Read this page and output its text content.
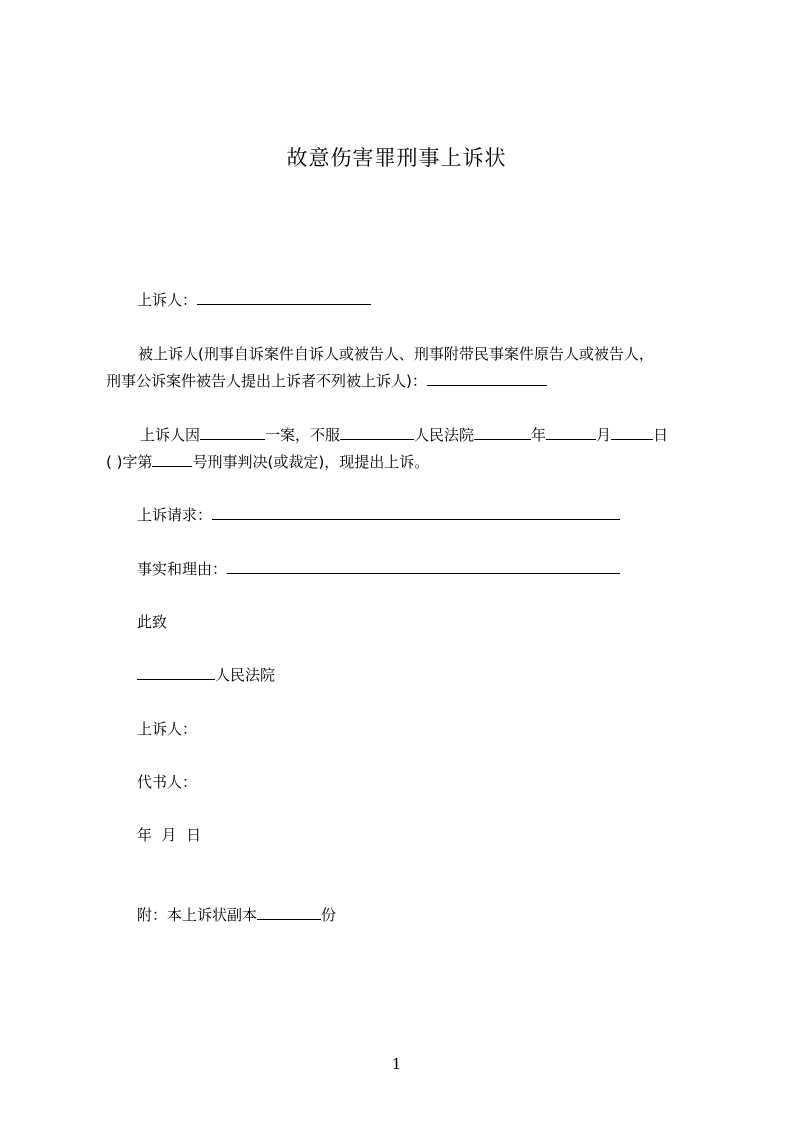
故意伤害罪刑事上诉状
上诉人：
被上诉人(刑事自诉案件自诉人或被告人、刑事附带民事案件原告人或被告人，
刑事公诉案件被告人提出上诉者不列被上诉人)：
上诉人因	一案，不服	人民法院	年	月	日
( )字第	号刑事判决(或裁定)，现提出上诉。
上诉请求：
事实和理由：
此致
人民法院
上诉人：
代书人：
年  月  日
附：本上诉状副本	份
1
